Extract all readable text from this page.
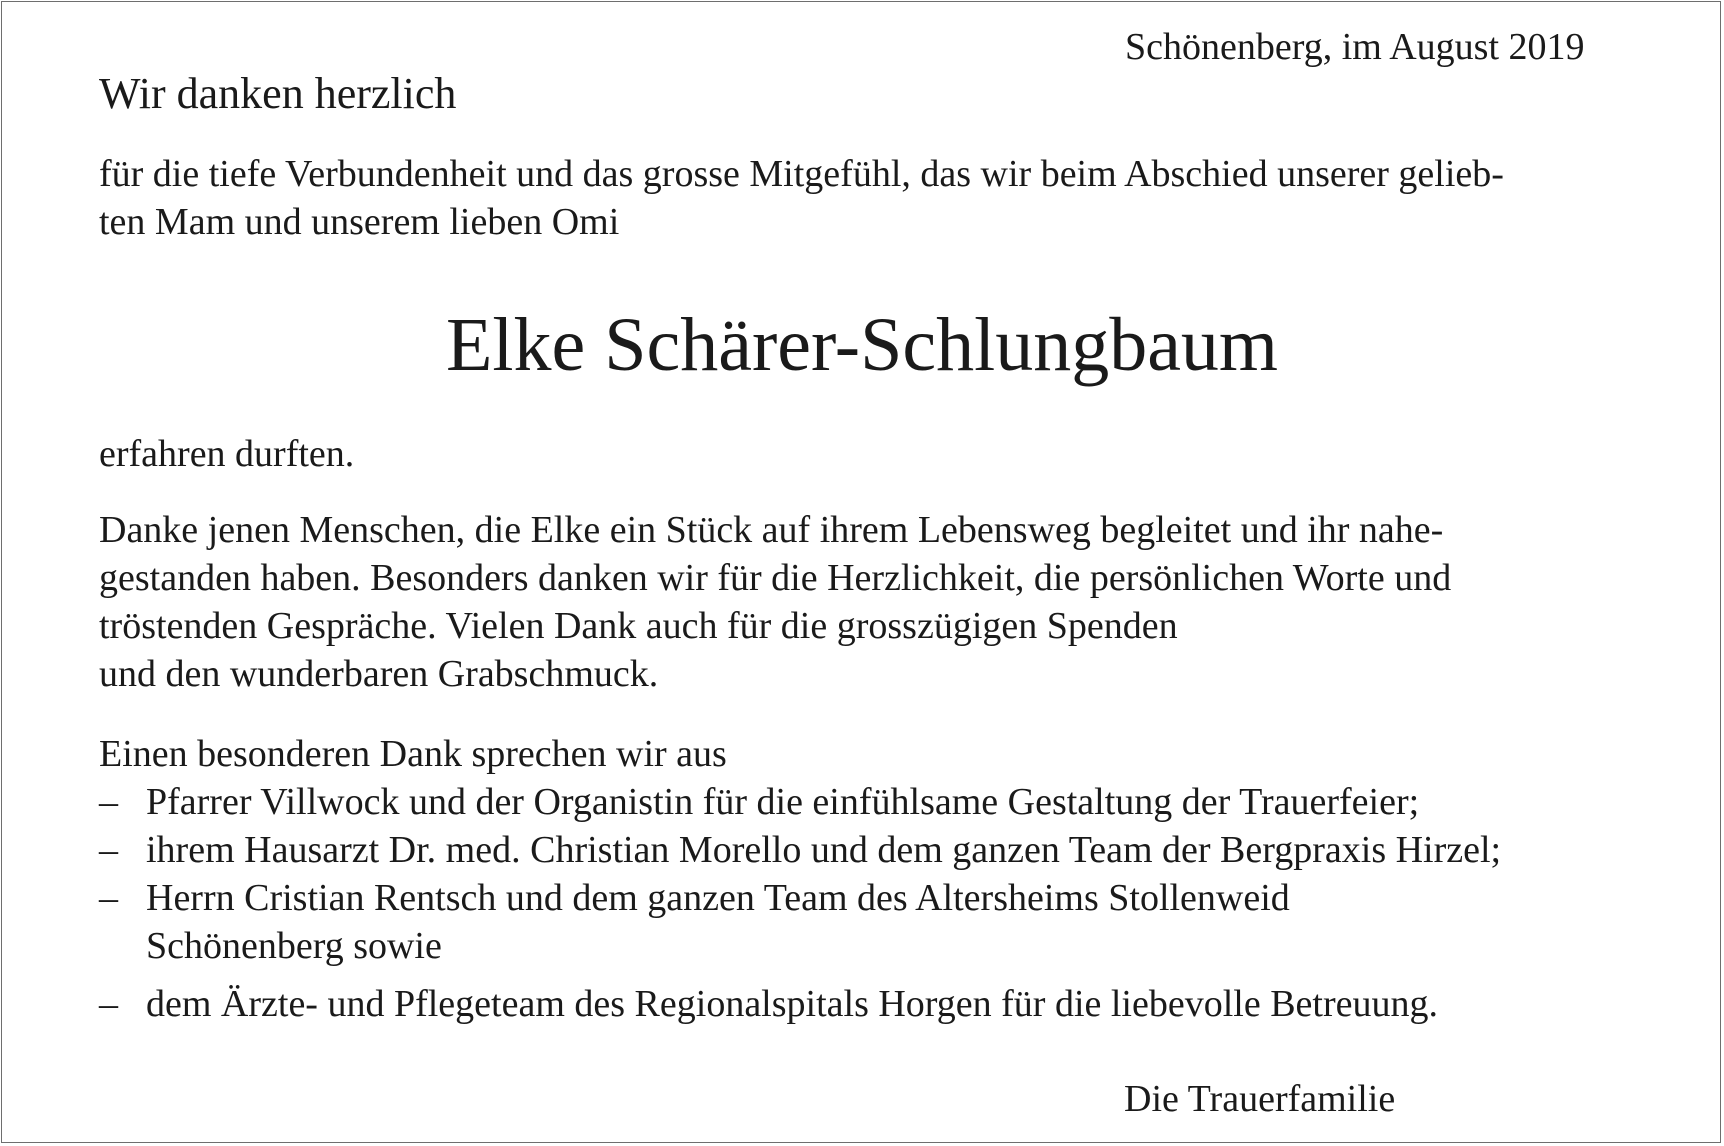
Schönenberg, im August 2019

Wir danken herzlich

für die tiefe Verbundenheit und das grosse Mitgefühl, das wir beim Abschied unserer gelieb-

ten Mam und unserem lieben Omi

Elke Schärer-Schlungbaum

erfahren durften.

Danke jenen Menschen, die Elke ein Stück auf ihrem Lebensweg begleitet und ihr nahe-

gestanden haben. Besonders danken wir für die Herzlichkeit, die persönlichen Worte und

tröstenden Gespräche. Vielen Dank auch für die grosszügigen Spenden

und den wunderbaren Grabschmuck.

Einen besonderen Dank sprechen wir aus

– Pfarrer Villwock und der Organistin für die einfühlsame Gestaltung der Trauerfeier;
– ihrem Hausarzt Dr. med. Christian Morello und dem ganzen Team der Bergpraxis Hirzel;
– Herrn Cristian Rentsch und dem ganzen Team des Altersheims Stollenweid
Schönenberg sowie
– dem Ärzte- und Pflegeteam des Regionalspitals Horgen für die liebevolle Betreuung.

Die Trauerfamilie
